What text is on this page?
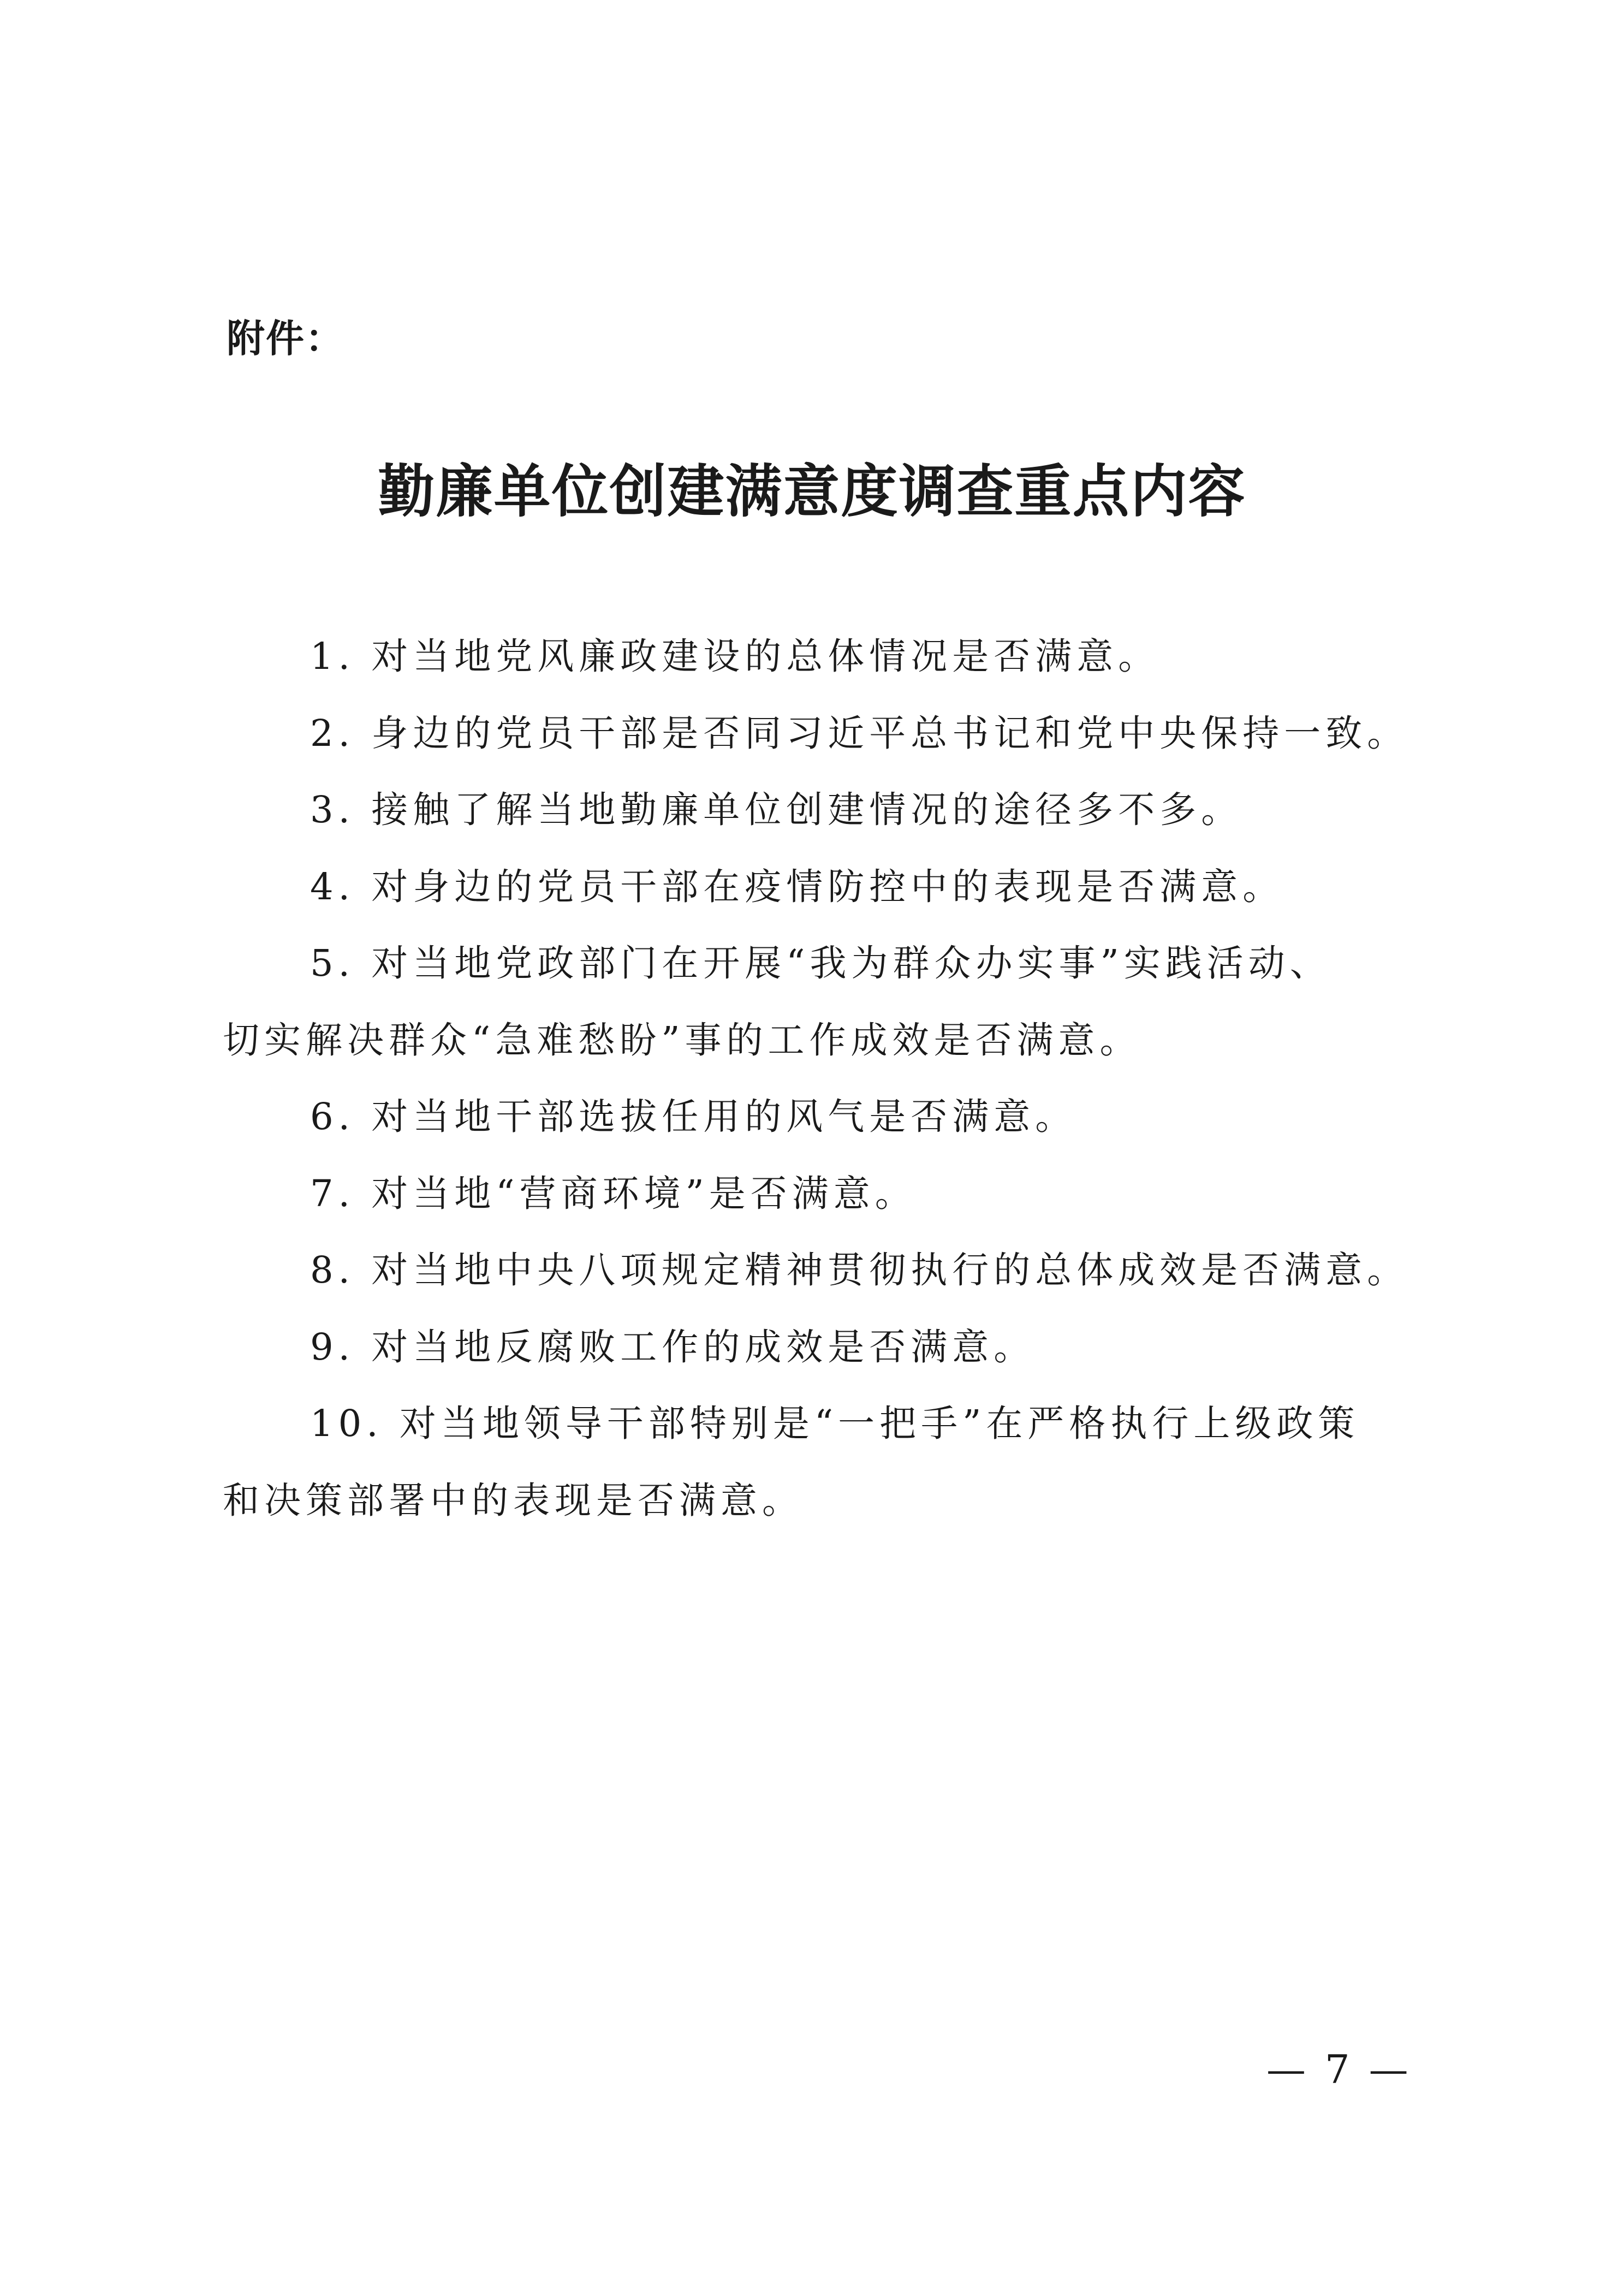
附件：
勤廉单位创建满意度调查重点内容
1. 对当地党风廉政建设的总体情况是否满意。
2. 身边的党员干部是否同习近平总书记和党中央保持一致。
3. 接触了解当地勤廉单位创建情况的途径多不多。
4. 对身边的党员干部在疫情防控中的表现是否满意。
5. 对当地党政部门在开展“我为群众办实事”实践活动、
切实解决群众“急难愁盼”事的工作成效是否满意。
6. 对当地干部选拔任用的风气是否满意。
7. 对当地“营商环境”是否满意。
8. 对当地中央八项规定精神贯彻执行的总体成效是否满意。
9. 对当地反腐败工作的成效是否满意。
10. 对当地领导干部特别是“一把手”在严格执行上级政策
和决策部署中的表现是否满意。
— 7 —
